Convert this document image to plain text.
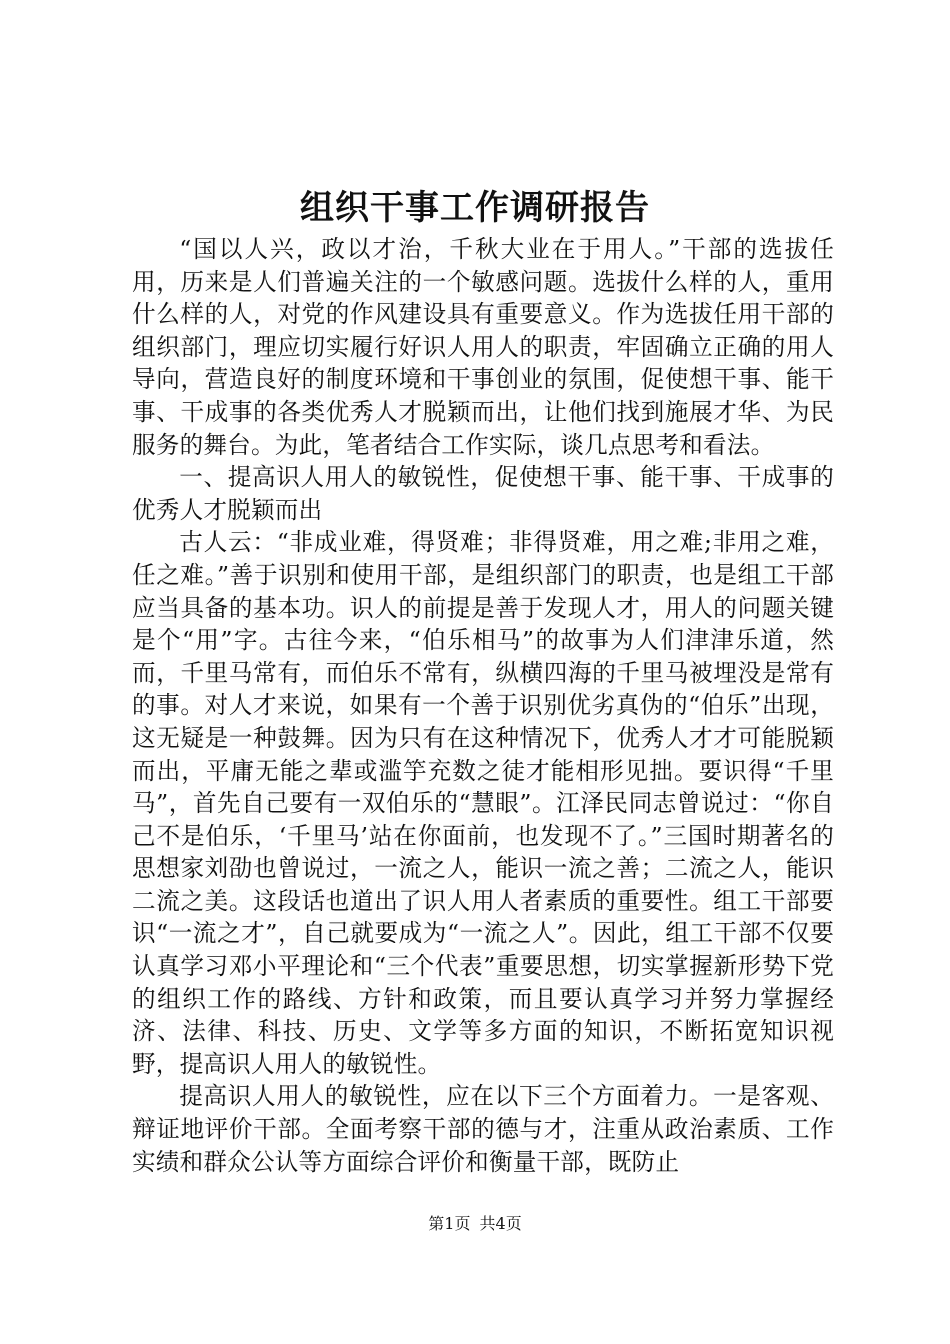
组织干事工作调研报告

“国以人兴，政以才治，千秋大业在于用人。”干部的选拔任用，历来是人们普遍关注的一个敏感问题。选拔什么样的人，重用什么样的人，对党的作风建设具有重要意义。作为选拔任用干部的组织部门，理应切实履行好识人用人的职责，牢固确立正确的用人导向，营造良好的制度环境和干事创业的氛围，促使想干事、能干事、干成事的各类优秀人才脱颖而出，让他们找到施展才华、为民服务的舞台。为此，笔者结合工作实际，谈几点思考和看法。

一、提高识人用人的敏锐性，促使想干事、能干事、干成事的优秀人才脱颖而出

古人云：“非成业难，得贤难；非得贤难，用之难;非用之难，任之难。”善于识别和使用干部，是组织部门的职责，也是组工干部应当具备的基本功。识人的前提是善于发现人才，用人的问题关键是个“用”字。古往今来，“伯乐相马”的故事为人们津津乐道，然而，千里马常有，而伯乐不常有，纵横四海的千里马被埋没是常有的事。对人才来说，如果有一个善于识别优劣真伪的“伯乐”出现，这无疑是一种鼓舞。因为只有在这种情况下，优秀人才才可能脱颖而出，平庸无能之辈或滥竽充数之徒才能相形见拙。要识得“千里马”，首先自己要有一双伯乐的“慧眼”。江泽民同志曾说过：“你自己不是伯乐，‘千里马’站在你面前，也发现不了。”三国时期著名的思想家刘劭也曾说过，一流之人，能识一流之善；二流之人，能识二流之美。这段话也道出了识人用人者素质的重要性。组工干部要识“一流之才”，自己就要成为“一流之人”。因此，组工干部不仅要认真学习邓小平理论和“三个代表”重要思想，切实掌握新形势下党的组织工作的路线、方针和政策，而且要认真学习并努力掌握经济、法律、科技、历史、文学等多方面的知识，不断拓宽知识视野，提高识人用人的敏锐性。

提高识人用人的敏锐性，应在以下三个方面着力。一是客观、辩证地评价干部。全面考察干部的德与才，注重从政治素质、工作实绩和群众公认等方面综合评价和衡量干部，既防止

第1页 共4页
